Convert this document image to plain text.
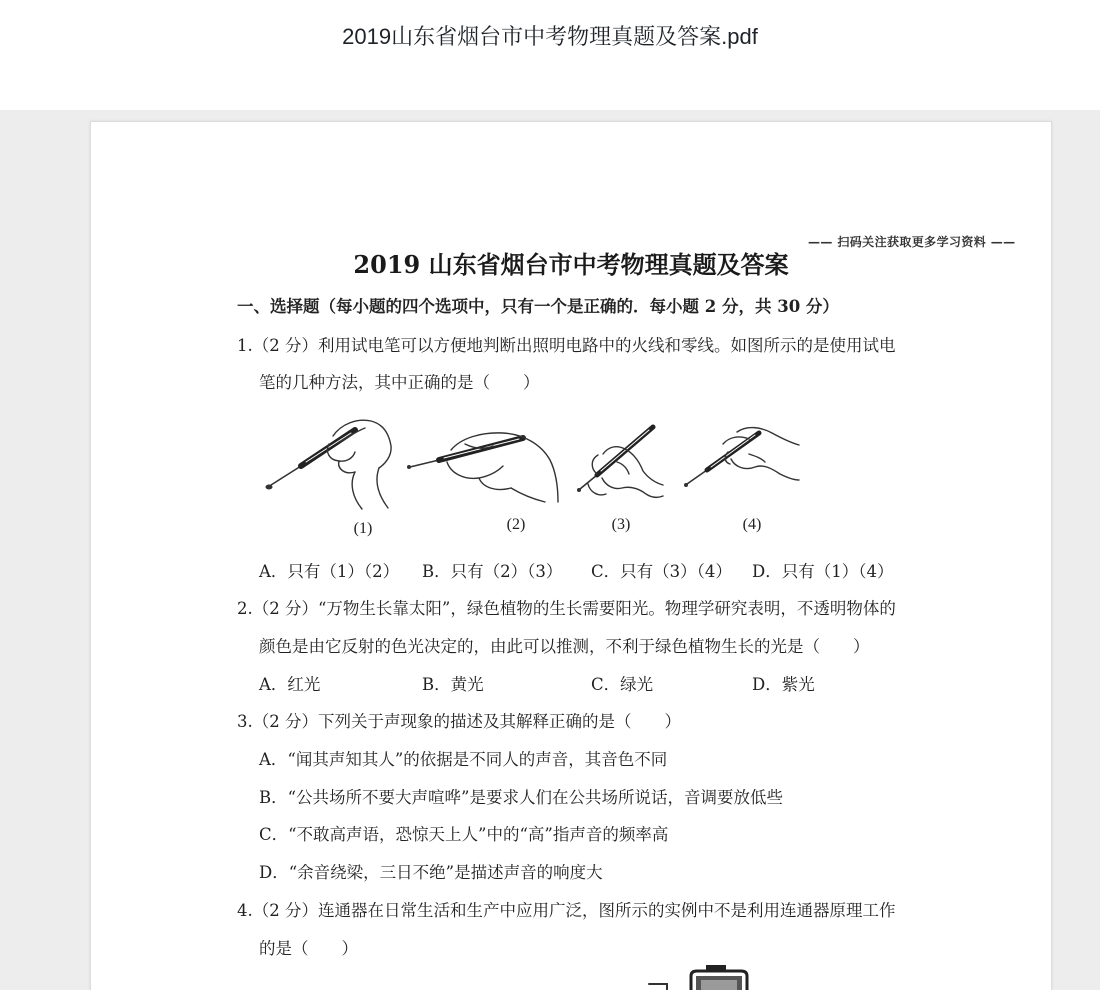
2019山东省烟台市中考物理真题及答案.pdf
—— 扫码关注获取更多学习资料 ——
2019 山东省烟台市中考物理真题及答案
一、选择题（每小题的四个选项中，只有一个是正确的．每小题 2 分，共 30 分）
1.（2 分）利用试电笔可以方便地判断出照明电路中的火线和零线。如图所示的是使用试电
笔的几种方法，其中正确的是（　　）
(1)	(2)	(3)	(4)
A．只有（1）（2） B．只有（2）（3） C．只有（3）（4） D．只有（1）（4）
2.（2 分）“万物生长靠太阳”，绿色植物的生长需要阳光。物理学研究表明，不透明物体的
颜色是由它反射的色光决定的，由此可以推测，不利于绿色植物生长的光是（　　）
A．红光	B．黄光	C．绿光	D．紫光
3.（2 分）下列关于声现象的描述及其解释正确的是（　　）
A．“闻其声知其人”的依据是不同人的声音，其音色不同
B．“公共场所不要大声喧哗”是要求人们在公共场所说话，音调要放低些
C．“不敢高声语，恐惊天上人”中的“高”指声音的频率高
D．“余音绕梁，三日不绝”是描述声音的响度大
4.（2 分）连通器在日常生活和生产中应用广泛，图所示的实例中不是利用连通器原理工作
的是（　　）
